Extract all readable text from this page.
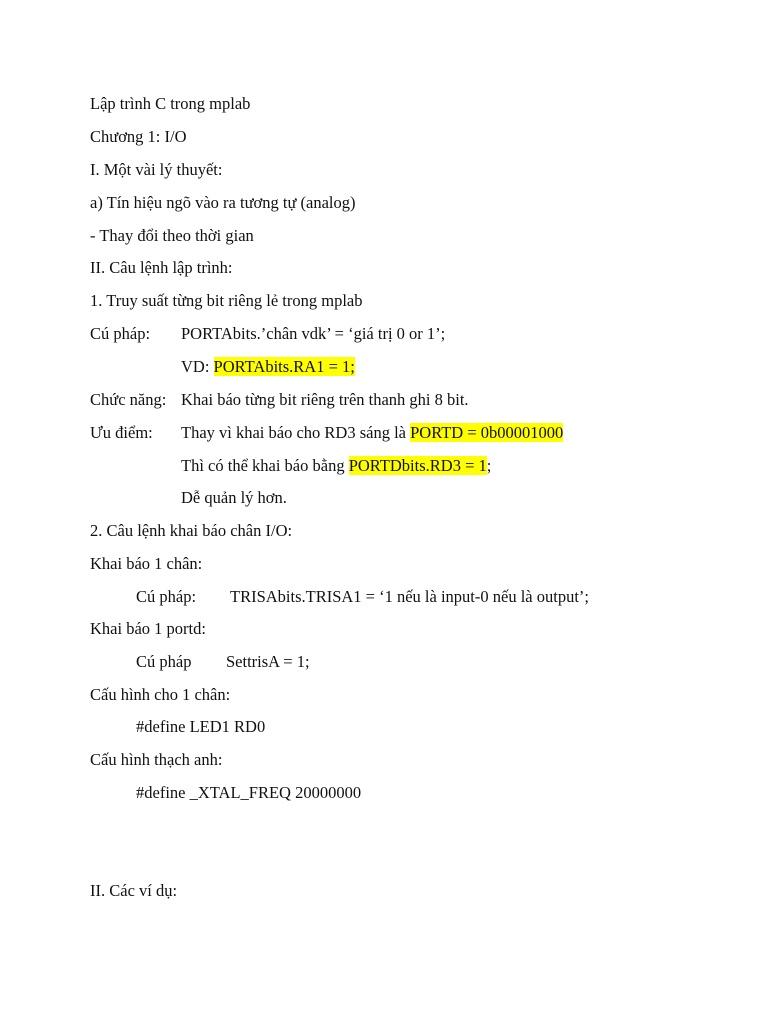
Lập trình C trong mplab
Chương 1: I/O
I. Một vài lý thuyết:
a) Tín hiệu ngõ vào ra tương tự (analog)
- Thay đổi theo thời gian
II. Câu lệnh lập trình:
1. Truy suất từng bit riêng lẻ trong mplab
Cú pháp: PORTAbits.’chân vdk’ = ‘giá trị 0 or 1’;
VD: PORTAbits.RA1 = 1;
Chức năng: Khai báo từng bit riêng trên thanh ghi 8 bit.
Ưu điểm: Thay vì khai báo cho RD3 sáng là PORTD = 0b00001000
Thì có thể khai báo bằng PORTDbits.RD3 = 1;
Dễ quản lý hơn.
2. Câu lệnh khai báo chân I/O:
Khai báo 1 chân:
Cú pháp: TRISAbits.TRISA1 = ‘1 nếu là input-0 nếu là output’;
Khai báo 1 portd:
Cú pháp SettrisA = 1;
Cấu hình cho 1 chân:
#define LED1 RD0
Cấu hình thạch anh:
#define _XTAL_FREQ 20000000
II. Các ví dụ:
